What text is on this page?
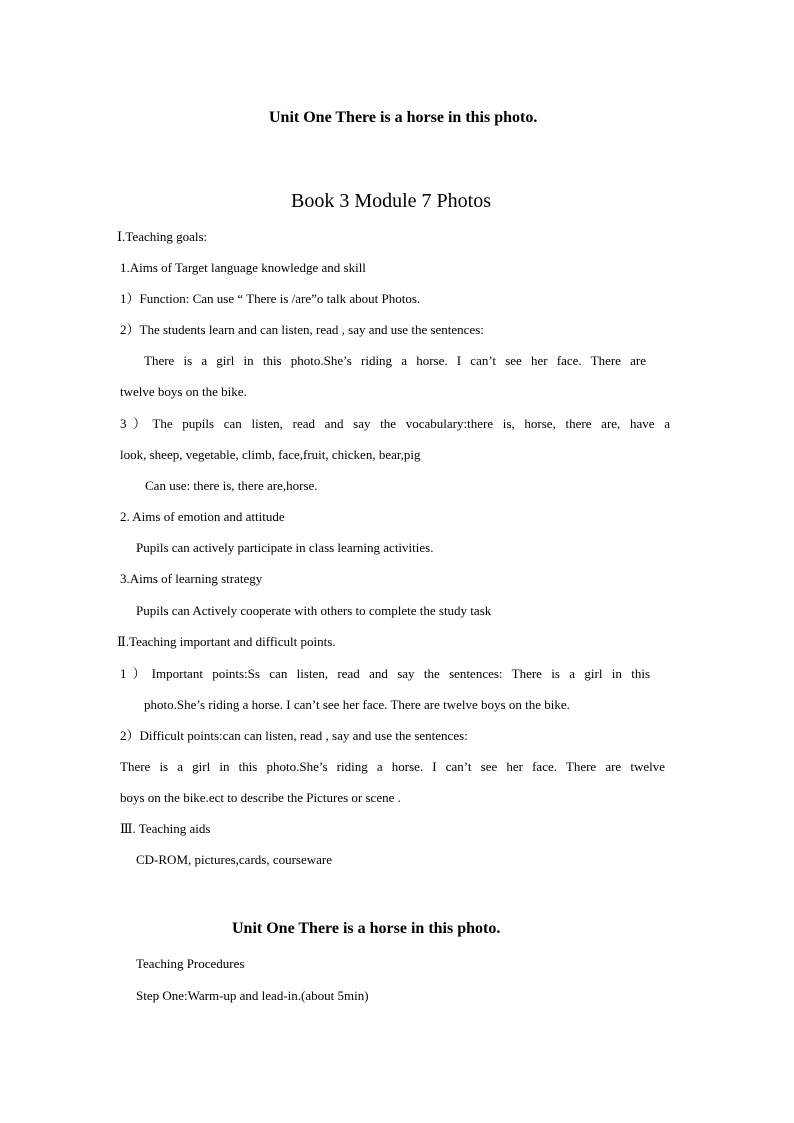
Unit One There is a horse in this photo.
Book 3 Module 7 Photos
Ⅰ.Teaching goals:
1.Aims of Target language knowledge and skill
1）Function: Can use “ There is /are”o talk about Photos.
2）The students learn and can listen, read , say and use the sentences:
There is a girl in this photo.She’s riding a horse. I can’t see her face. There are
twelve boys on the bike.
3）The pupils can listen, read and say the vocabulary:there is, horse, there are, have a
look, sheep, vegetable, climb, face,fruit, chicken, bear,pig
Can use: there is, there are,horse.
2. Aims of emotion and attitude
Pupils can actively participate in class learning activities.
3.Aims of learning strategy
Pupils can Actively cooperate with others to complete the study task
Ⅱ.Teaching important and difficult points.
1）Important points:Ss can listen, read and say the sentences: There is a girl in this
photo.She’s riding a horse. I can’t see her face. There are twelve boys on the bike.
2）Difficult points:can can listen, read , say and use the sentences:
There is a girl in this photo.She’s riding a horse. I can’t see her face. There are twelve
boys on the bike.ect to describe the Pictures or scene .
Ⅲ. Teaching aids
CD-ROM, pictures,cards, courseware
Unit One There is a horse in this photo.
Teaching Procedures
Step One:Warm-up and lead-in.(about 5min)
